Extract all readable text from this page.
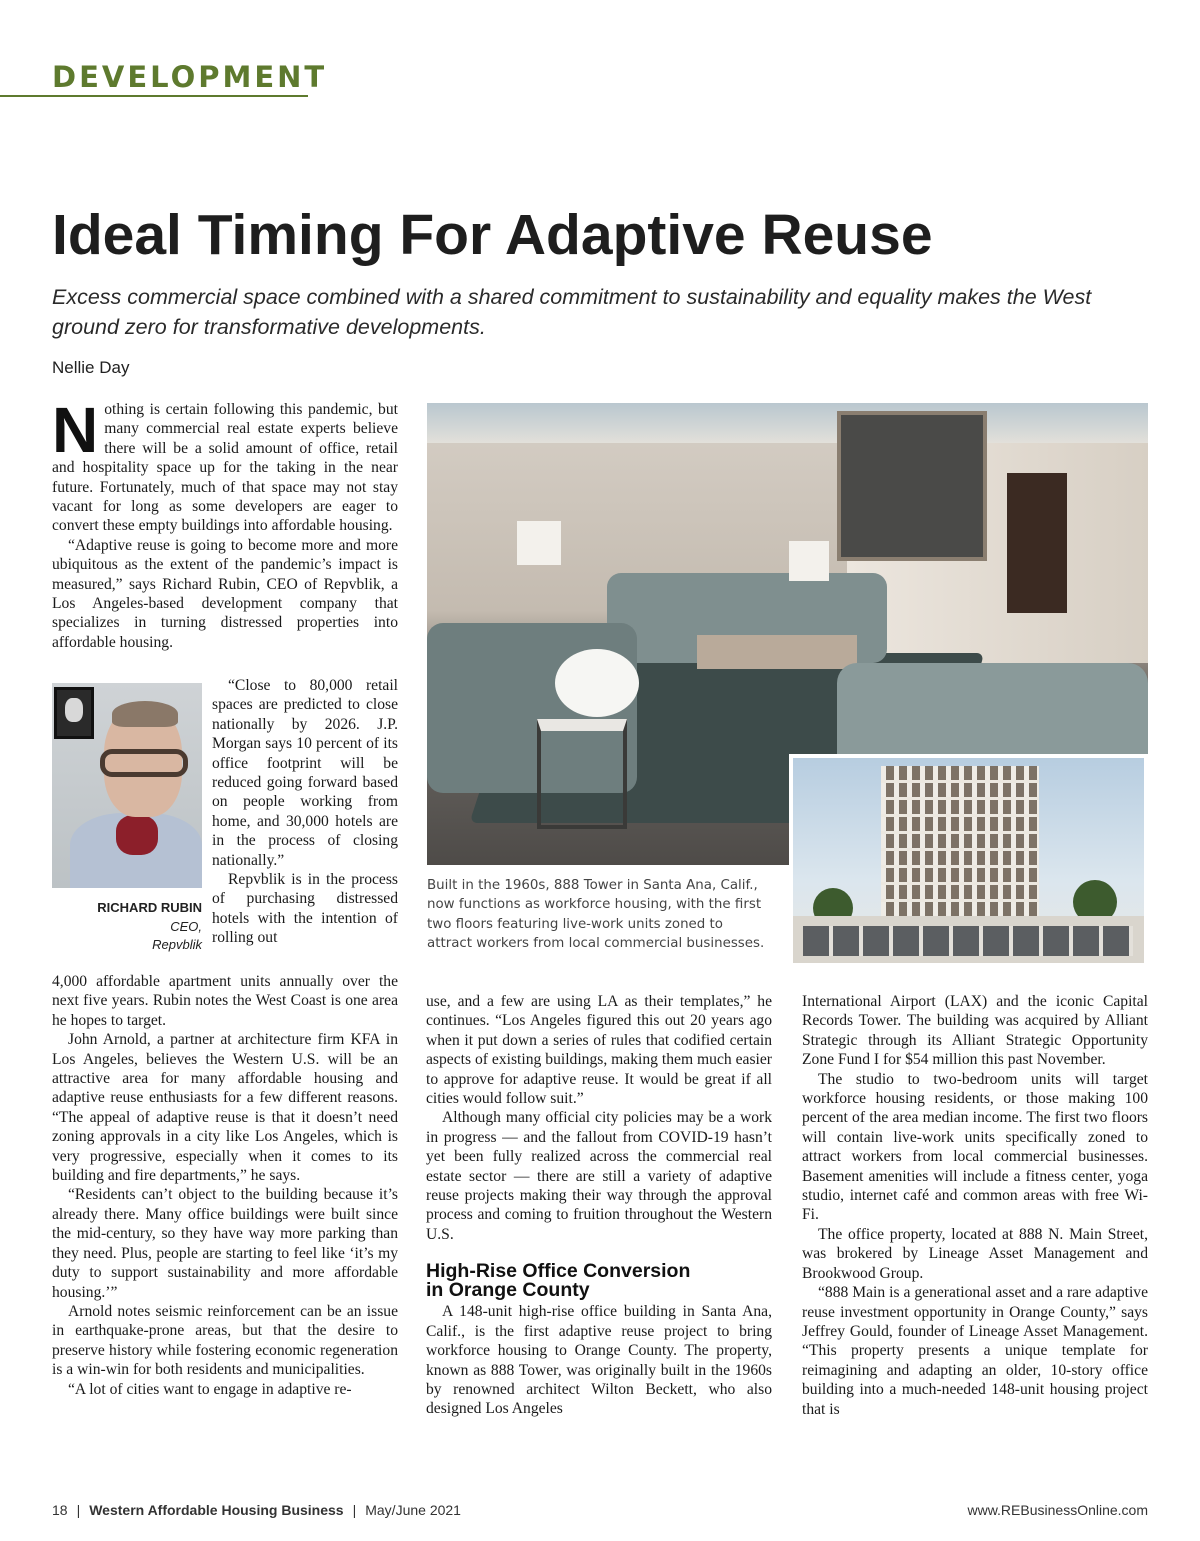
DEVELOPMENT
Ideal Timing For Adaptive Reuse
Excess commercial space combined with a shared commitment to sustainability and equality makes the West ground zero for transformative developments.
Nellie Day

Nothing is certain following this pandemic, but many commercial real estate experts believe there will be a solid amount of office, retail and hospitality space up for the taking in the near future. Fortunately, much of that space may not stay vacant for long as some developers are eager to convert these empty buildings into affordable housing.

“Adaptive reuse is going to become more and more ubiquitous as the extent of the pandemic’s impact is measured,” says Richard Rubin, CEO of Repvblik, a Los Angeles-based development company that specializes in turning distressed properties into affordable housing.

RICHARD RUBIN
CEO,
Repvblik

“Close to 80,000 retail spaces are predicted to close nationally by 2026. J.P. Morgan says 10 percent of its office footprint will be reduced going forward based on people working from home, and 30,000 hotels are in the process of closing nationally.”

Repvblik is in the process of purchasing distressed hotels with the intention of rolling out

4,000 affordable apartment units annually over the next five years. Rubin notes the West Coast is one area he hopes to target.

John Arnold, a partner at architecture firm KFA in Los Angeles, believes the Western U.S. will be an attractive area for many affordable housing and adaptive reuse enthusiasts for a few different reasons. “The appeal of adaptive reuse is that it doesn’t need zoning approvals in a city like Los Angeles, which is very progressive, especially when it comes to its building and fire departments,” he says.

“Residents can’t object to the building because it’s already there. Many office buildings were built since the mid-century, so they have way more parking than they need. Plus, people are starting to feel like ‘it’s my duty to support sustainability and more affordable housing.’”

Arnold notes seismic reinforcement can be an issue in earthquake-prone areas, but that the desire to preserve history while fostering economic regeneration is a win-win for both residents and municipalities.

“A lot of cities want to engage in adaptive re-

Built in the 1960s, 888 Tower in Santa Ana, Calif., now functions as workforce housing, with the first two floors featuring live-work units zoned to attract workers from local commercial businesses.

use, and a few are using LA as their templates,” he continues. “Los Angeles figured this out 20 years ago when it put down a series of rules that codified certain aspects of existing buildings, making them much easier to approve for adaptive reuse. It would be great if all cities would follow suit.”

Although many official city policies may be a work in progress — and the fallout from COVID-19 hasn’t yet been fully realized across the commercial real estate sector — there are still a variety of adaptive reuse projects making their way through the approval process and coming to fruition throughout the Western U.S.

High-Rise Office Conversion
in Orange County

A 148-unit high-rise office building in Santa Ana, Calif., is the first adaptive reuse project to bring workforce housing to Orange County. The property, known as 888 Tower, was originally built in the 1960s by renowned architect Wilton Beckett, who also designed Los Angeles

International Airport (LAX) and the iconic Capital Records Tower. The building was acquired by Alliant Strategic through its Alliant Strategic Opportunity Zone Fund I for $54 million this past November.

The studio to two-bedroom units will target workforce housing residents, or those making 100 percent of the area median income. The first two floors will contain live-work units specifically zoned to attract workers from local commercial businesses. Basement amenities will include a fitness center, yoga studio, internet café and common areas with free Wi-Fi.

The office property, located at 888 N. Main Street, was brokered by Lineage Asset Management and Brookwood Group.

“888 Main is a generational asset and a rare adaptive reuse investment opportunity in Orange County,” says Jeffrey Gould, founder of Lineage Asset Management. “This property presents a unique template for reimagining and adapting an older, 10-story office building into a much-needed 148-unit housing project that is

18 | Western Affordable Housing Business | May/June 2021	www.REBusinessOnline.com
